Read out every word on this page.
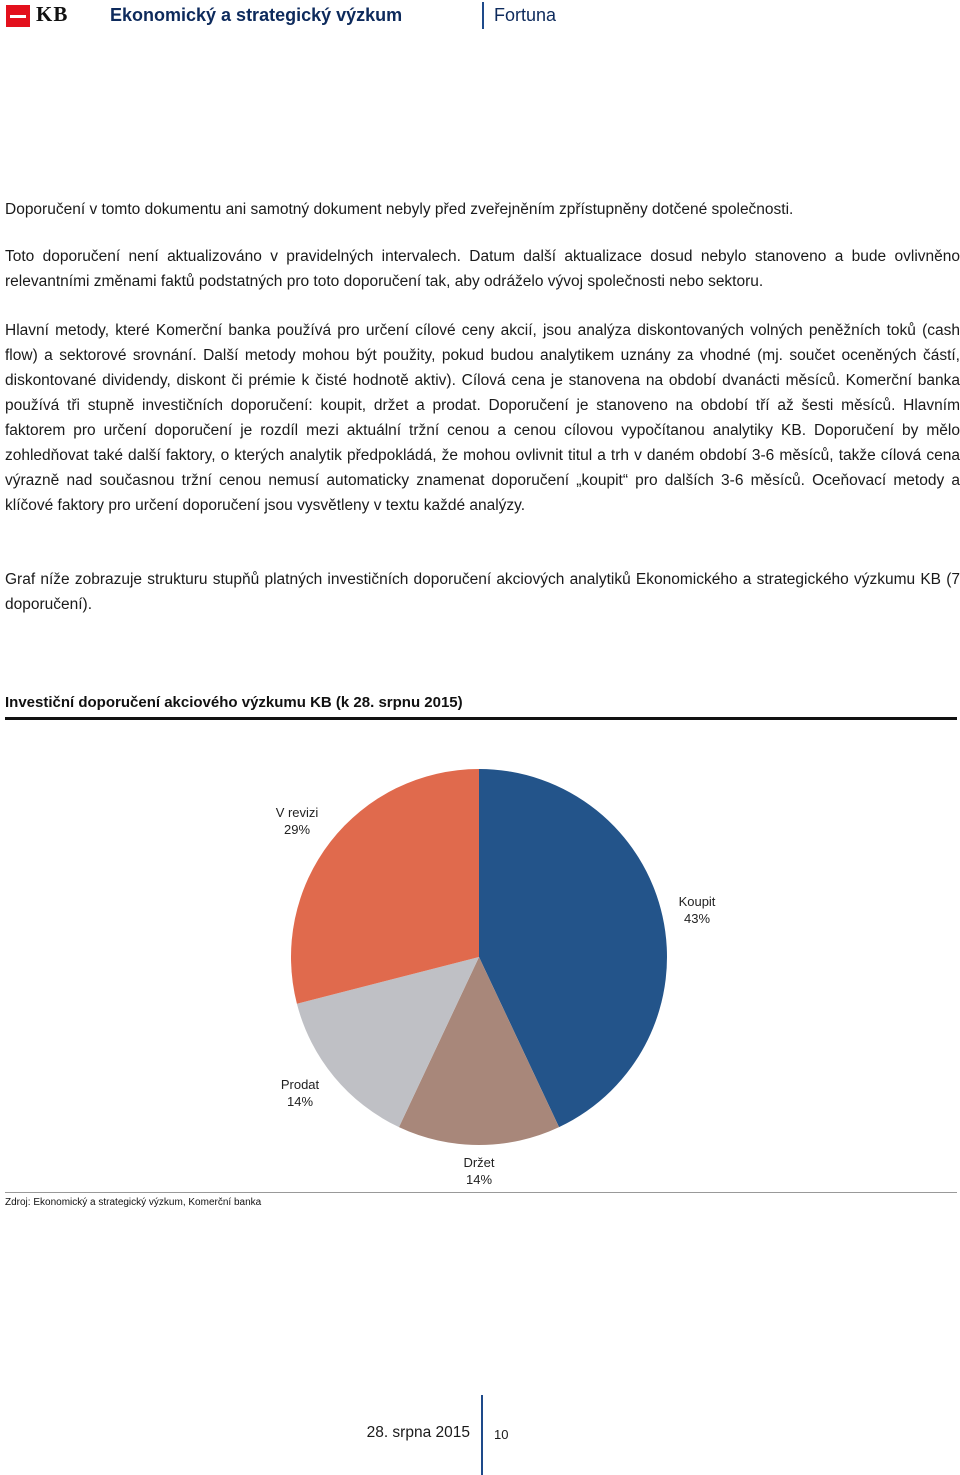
KB Ekonomický a strategický výzkum	Fortuna

Doporučení v tomto dokumentu ani samotný dokument nebyly před zveřejněním zpřístupněny dotčené společnosti.

Toto doporučení není aktualizováno v pravidelných intervalech. Datum další aktualizace dosud nebylo stanoveno a bude ovlivněno relevantními změnami faktů podstatných pro toto doporučení tak, aby odráželo vývoj společnosti nebo sektoru.

Hlavní metody, které Komerční banka používá pro určení cílové ceny akcií, jsou analýza diskontovaných volných peněžních toků (cash flow) a sektorové srovnání. Další metody mohou být použity, pokud budou analytikem uznány za vhodné (mj. součet oceněných částí, diskontované dividendy, diskont či prémie k čisté hodnotě aktiv). Cílová cena je stanovena na období dvanácti měsíců. Komerční banka používá tři stupně investičních doporučení: koupit, držet a prodat. Doporučení je stanoveno na období tří až šesti měsíců. Hlavním faktorem pro určení doporučení je rozdíl mezi aktuální tržní cenou a cenou cílovou vypočítanou analytiky KB. Doporučení by mělo zohledňovat také další faktory, o kterých analytik předpokládá, že mohou ovlivnit titul a trh v daném období 3-6 měsíců, takže cílová cena výrazně nad současnou tržní cenou nemusí automaticky znamenat doporučení „koupit“ pro dalších 3-6 měsíců. Oceňovací metody a klíčové faktory pro určení doporučení jsou vysvětleny v textu každé analýzy.

Graf níže zobrazuje strukturu stupňů platných investičních doporučení akciových analytiků Ekonomického a strategického výzkumu KB (7 doporučení).

Investiční doporučení akciového výzkumu KB (k 28. srpnu 2015)
Koupit
43%
Držet
14%
Prodat
14%
V revizi
29%
Zdroj: Ekonomický a strategický výzkum, Komerční banka
28. srpna 2015 10
